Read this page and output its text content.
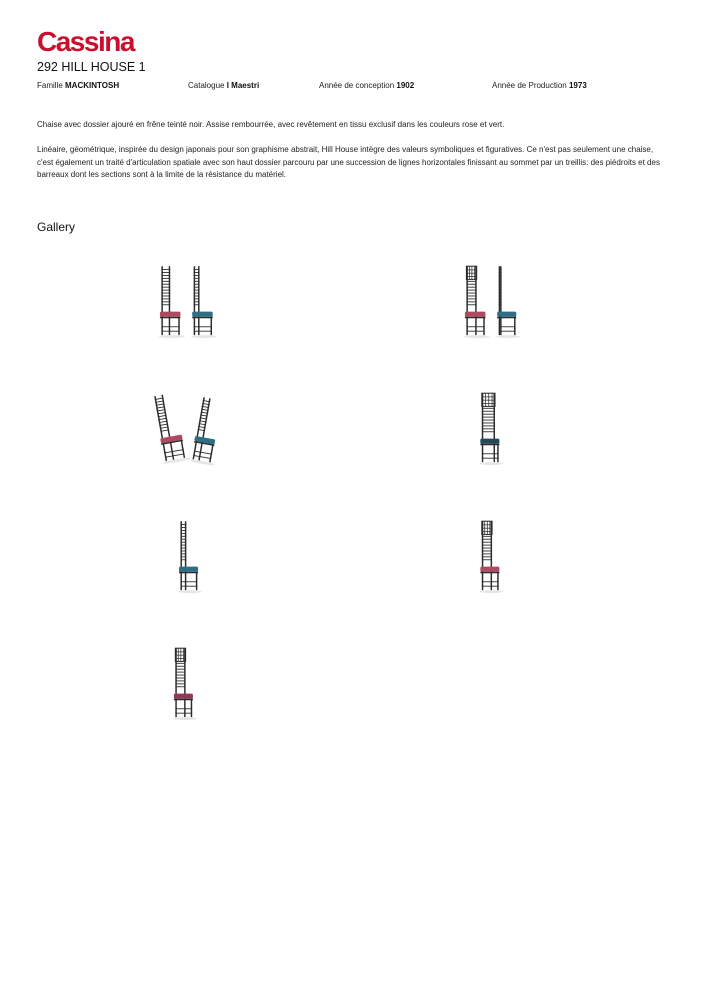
Cassina
292 HILL HOUSE 1
Famille MACKINTOSH	Catalogue I Maestri	Année de conception 1902	Année de Production 1973

Chaise avec dossier ajouré en frêne teinté noir. Assise rembourrée, avec revêtement en tissu exclusif dans les couleurs rose et vert.

Linéaire, géométrique, inspirée du design japonais pour son graphisme abstrait, Hill House intègre des valeurs symboliques et figuratives. Ce n'est pas seulement une chaise, c'est également un traité d'articulation spatiale avec son haut dossier parcouru par une succession de lignes horizontales finissant au sommet par un treillis: des piédroits et des barreaux dont les sections sont à la limite de la résistance du matériel.

Gallery
